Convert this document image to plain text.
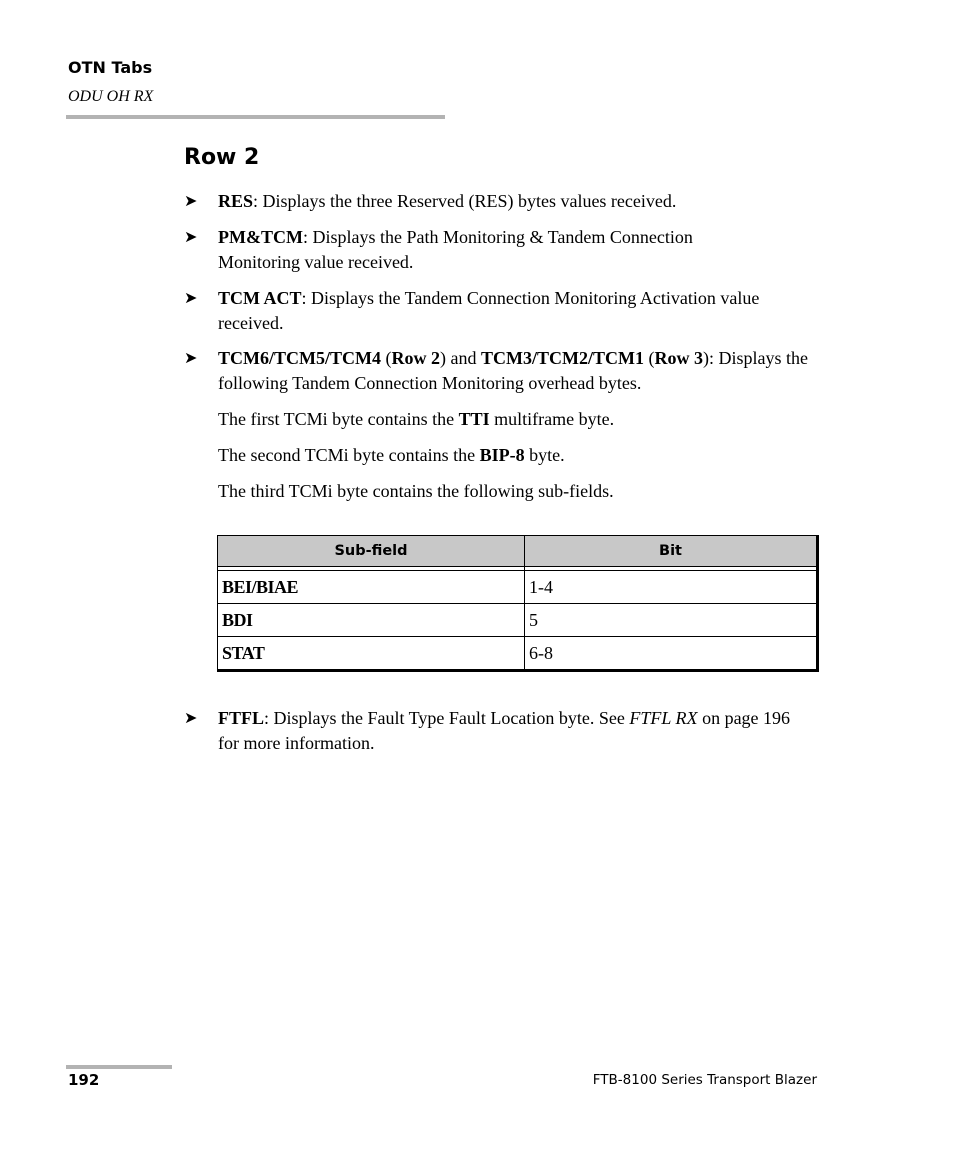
OTN Tabs
ODU OH RX
Row 2
➤ RES: Displays the three Reserved (RES) bytes values received.
➤ PM&TCM: Displays the Path Monitoring & Tandem Connection Monitoring value received.
➤ TCM ACT: Displays the Tandem Connection Monitoring Activation value received.
➤ TCM6/TCM5/TCM4 (Row 2) and TCM3/TCM2/TCM1 (Row 3): Displays the following Tandem Connection Monitoring overhead bytes.
The first TCMi byte contains the TTI multiframe byte.
The second TCMi byte contains the BIP-8 byte.
The third TCMi byte contains the following sub-fields.
Sub-field	Bit

BEI/BIAE	1-4
BDI	5
STAT	6-8
➤ FTFL: Displays the Fault Type Fault Location byte. See FTFL RX on page 196 for more information.
192	FTB-8100 Series Transport Blazer
